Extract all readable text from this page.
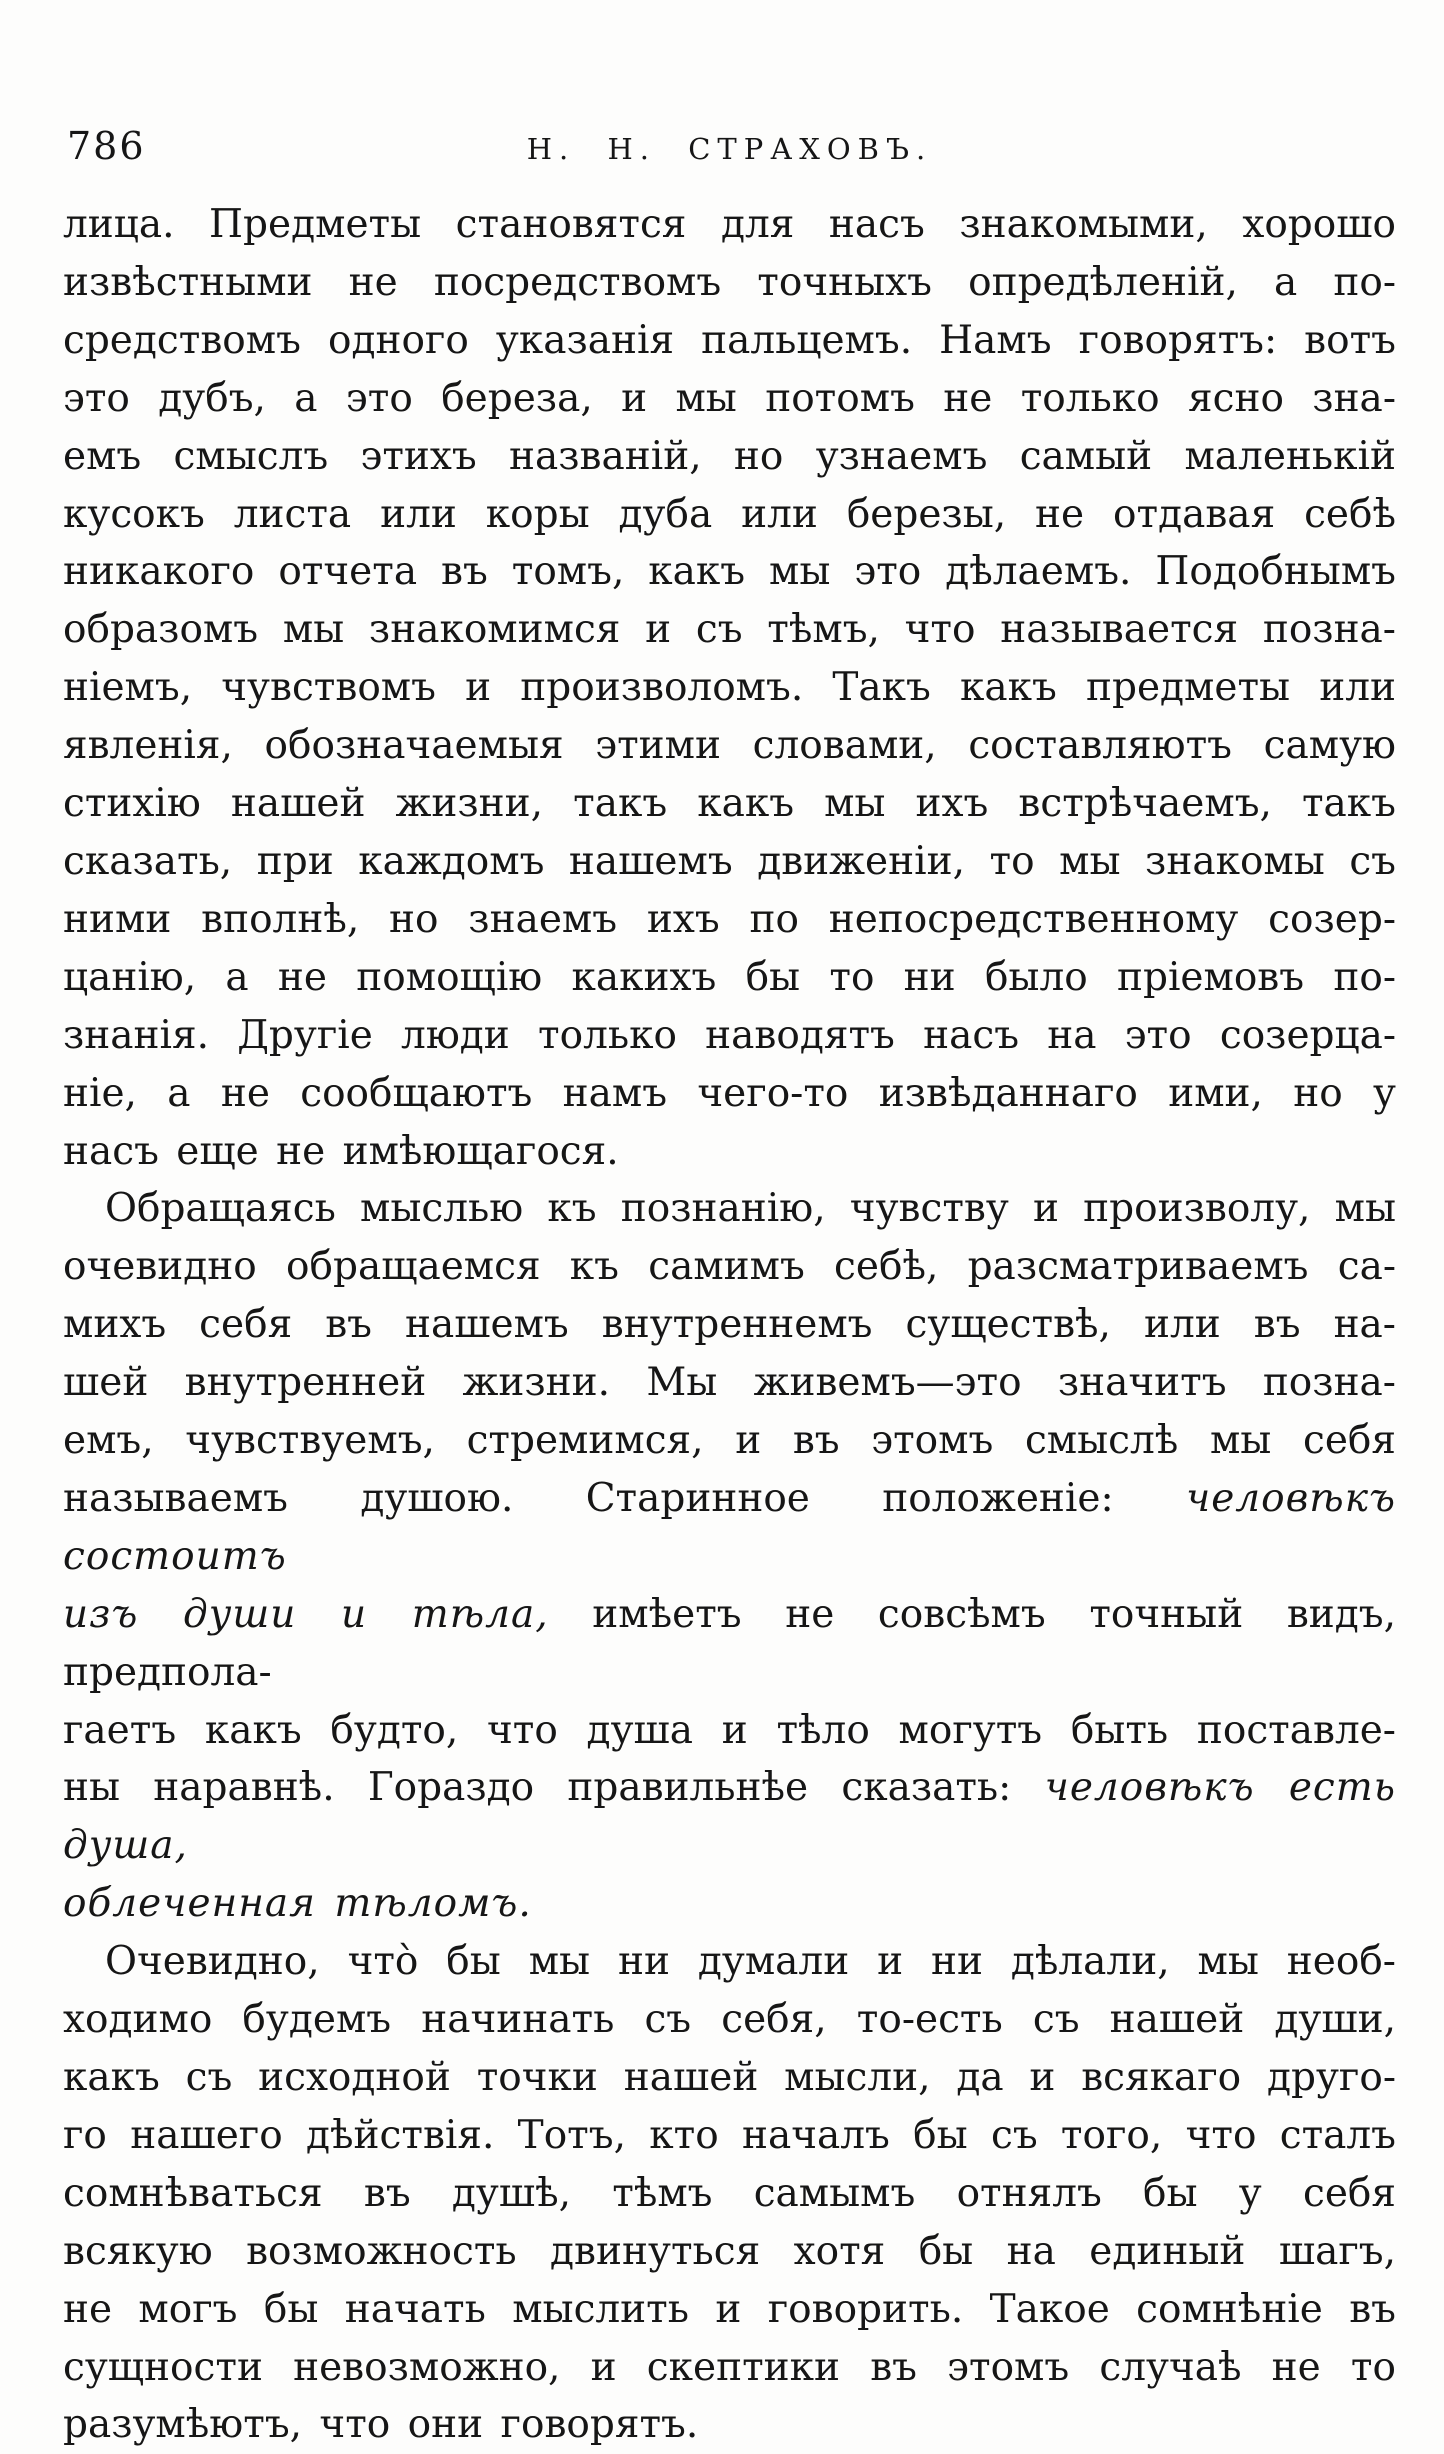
786	Н. Н. СТРАХОВЪ.
лица. Предметы становятся для насъ знакомыми, хорошо
извѣстными не посредствомъ точныхъ опредѣленій, а по-
средствомъ одного указанія пальцемъ. Намъ говорятъ: вотъ
это дубъ, а это береза, и мы потомъ не только ясно зна-
емъ смыслъ этихъ названій, но узнаемъ самый маленькій
кусокъ листа или коры дуба или березы, не отдавая себѣ
никакого отчета въ томъ, какъ мы это дѣлаемъ. Подобнымъ
образомъ мы знакомимся и съ тѣмъ, что называется позна-
ніемъ, чувствомъ и произволомъ. Такъ какъ предметы или
явленія, обозначаемыя этими словами, составляютъ самую
стихію нашей жизни, такъ какъ мы ихъ встрѣчаемъ, такъ
сказать, при каждомъ нашемъ движеніи, то мы знакомы съ
ними вполнѣ, но знаемъ ихъ по непосредственному созер-
цанію, а не помощію какихъ бы то ни было пріемовъ по-
знанія. Другіе люди только наводятъ насъ на это созерца-
ніе, а не сообщаютъ намъ чего-то извѣданнаго ими, но у
насъ еще не имѣющагося.
Обращаясь мыслью къ познанію, чувству и произволу, мы
очевидно обращаемся къ самимъ себѣ, разсматриваемъ са-
михъ себя въ нашемъ внутреннемъ существѣ, или въ на-
шей внутренней жизни. Мы живемъ—это значитъ позна-
емъ, чувствуемъ, стремимся, и въ этомъ смыслѣ мы себя
называемъ душою. Старинное положеніе: человѣкъ состоитъ
изъ души и тѣла, имѣетъ не совсѣмъ точный видъ, предпола-
гаетъ какъ будто, что душа и тѣло могутъ быть поставле-
ны наравнѣ. Гораздо правильнѣе сказать: человѣкъ есть душа,
облеченная тѣломъ.
Очевидно, что̀ бы мы ни думали и ни дѣлали, мы необ-
ходимо будемъ начинать съ себя, то-есть съ нашей души,
какъ съ исходной точки нашей мысли, да и всякаго друго-
го нашего дѣйствія. Тотъ, кто началъ бы съ того, что сталъ
сомнѣваться въ душѣ, тѣмъ самымъ отнялъ бы у себя
всякую возможность двинуться хотя бы на единый шагъ,
не могъ бы начать мыслить и говорить. Такое сомнѣніе въ
сущности невозможно, и скептики въ этомъ случаѣ не то
разумѣютъ, что они говорятъ.
